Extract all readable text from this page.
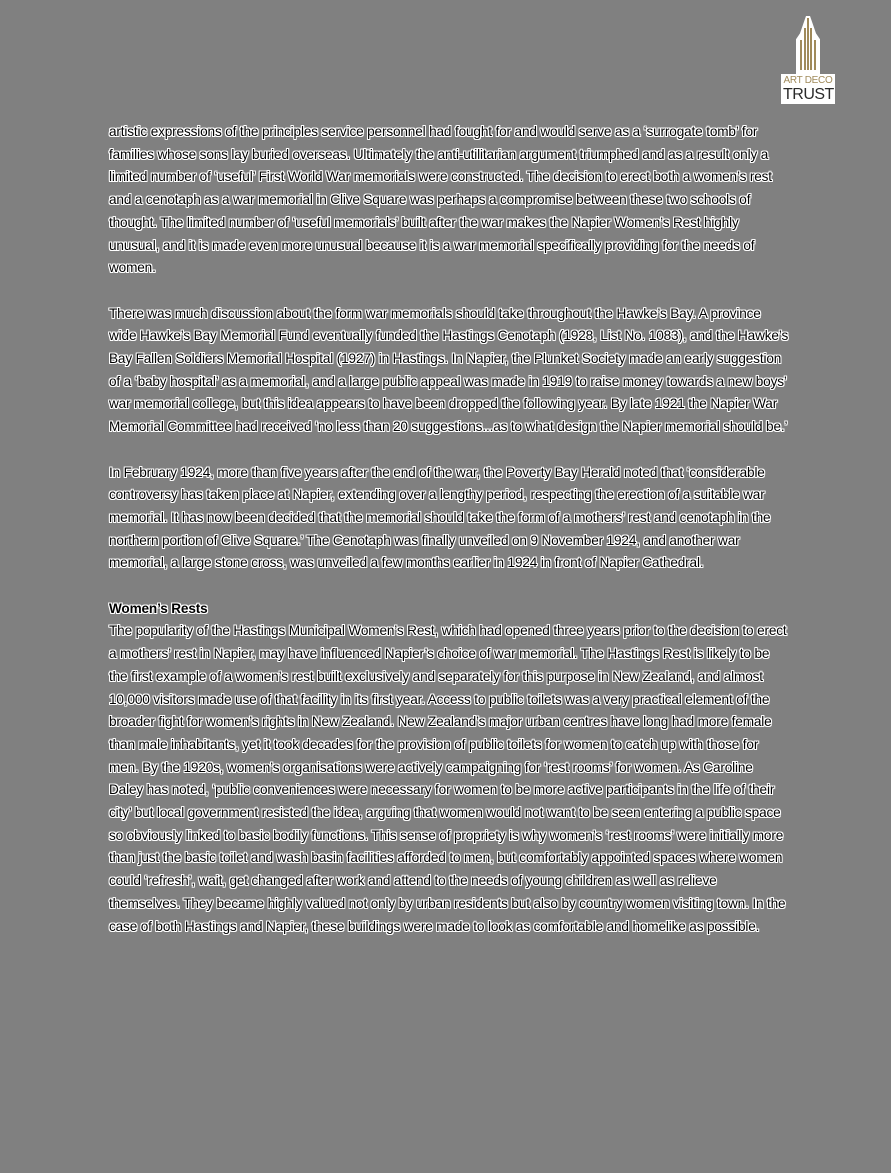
ART DECO
TRUST

artistic expressions of the principles service personnel had fought for and would serve as a ‘surrogate tomb’ for families whose sons lay buried overseas. Ultimately the anti-utilitarian argument triumphed and as a result only a limited number of ‘useful’ First World War memorials were constructed. The decision to erect both a women’s rest and a cenotaph as a war memorial in Clive Square was perhaps a compromise between these two schools of thought. The limited number of ‘useful memorials’ built after the war makes the Napier Women’s Rest highly unusual, and it is made even more unusual because it is a war memorial specifically providing for the needs of women.

There was much discussion about the form war memorials should take throughout the Hawke’s Bay. A province wide Hawke’s Bay Memorial Fund eventually funded the Hastings Cenotaph (1928, List No. 1083), and the Hawke’s Bay Fallen Soldiers Memorial Hospital (1927) in Hastings. In Napier, the Plunket Society made an early suggestion of a ‘baby hospital’ as a memorial, and a large public appeal was made in 1919 to raise money towards a new boys’ war memorial college, but this idea appears to have been dropped the following year. By late 1921 the Napier War Memorial Committee had received ‘no less than 20 suggestions...as to what design the Napier memorial should be.’

In February 1924, more than five years after the end of the war, the Poverty Bay Herald noted that ‘considerable controversy has taken place at Napier, extending over a lengthy period, respecting the erection of a suitable war memorial. It has now been decided that the memorial should take the form of a mothers’ rest and cenotaph in the northern portion of Clive Square.’ The Cenotaph was finally unveiled on 9 November 1924, and another war memorial, a large stone cross, was unveiled a few months earlier in 1924 in front of Napier Cathedral.

Women’s Rests

The popularity of the Hastings Municipal Women’s Rest, which had opened three years prior to the decision to erect a mothers’ rest in Napier, may have influenced Napier’s choice of war memorial. The Hastings Rest is likely to be the first example of a women’s rest built exclusively and separately for this purpose in New Zealand, and almost 10,000 visitors made use of that facility in its first year. Access to public toilets was a very practical element of the broader fight for women’s rights in New Zealand. New Zealand’s major urban centres have long had more female than male inhabitants, yet it took decades for the provision of public toilets for women to catch up with those for men. By the 1920s, women’s organisations were actively campaigning for ‘rest rooms’ for women. As Caroline Daley has noted, ‘public conveniences were necessary for women to be more active participants in the life of their city’ but local government resisted the idea, arguing that women would not want to be seen entering a public space so obviously linked to basic bodily functions. This sense of propriety is why women’s ‘rest rooms’ were initially more than just the basic toilet and wash basin facilities afforded to men, but comfortably appointed spaces where women could ‘refresh’, wait, get changed after work and attend to the needs of young children as well as relieve themselves. They became highly valued not only by urban residents but also by country women visiting town. In the case of both Hastings and Napier, these buildings were made to look as comfortable and homelike as possible.
